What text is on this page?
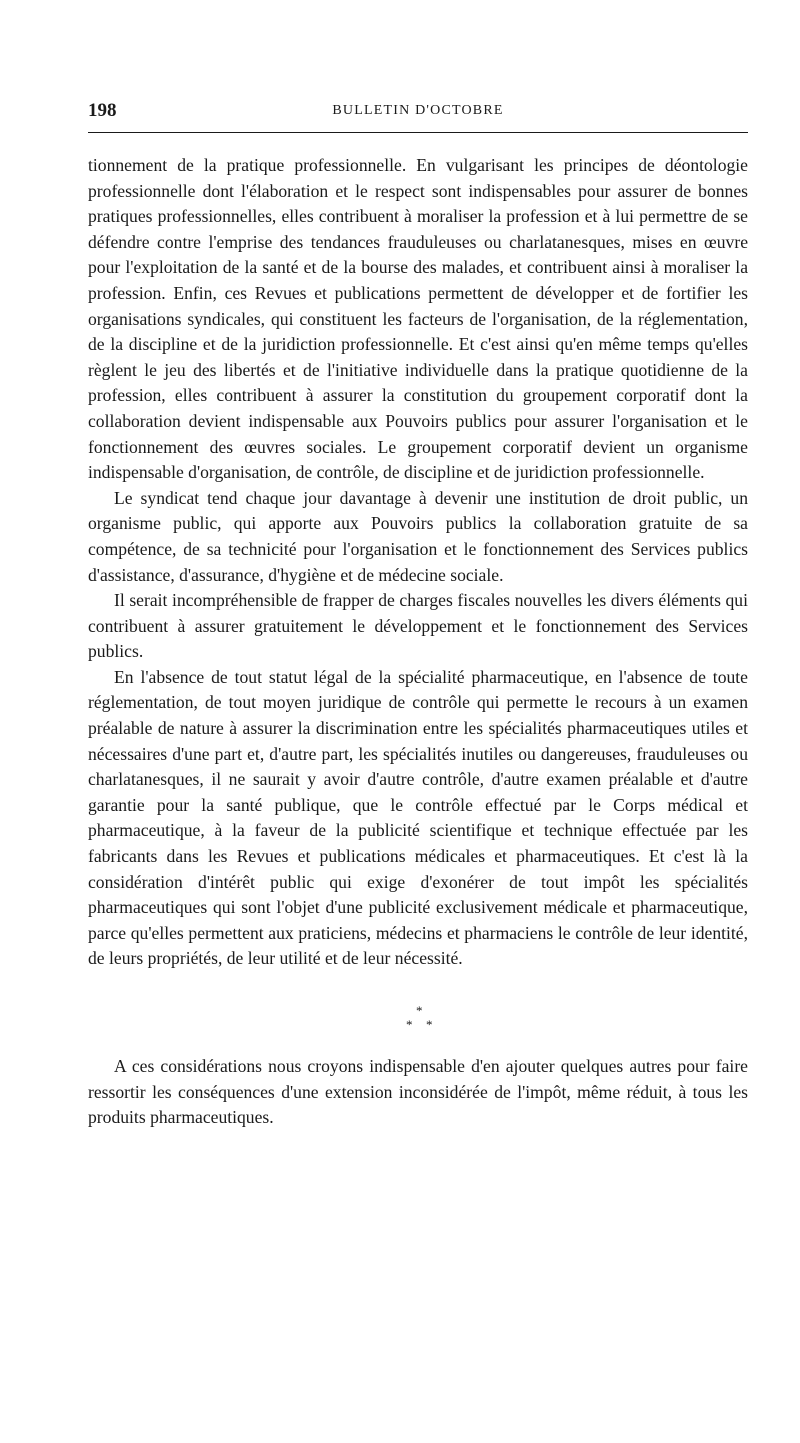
198	BULLETIN D'OCTOBRE

tionnement de la pratique professionnelle. En vulgarisant les principes de déontologie professionnelle dont l'élaboration et le respect sont indispensables pour assurer de bonnes pratiques professionnelles, elles contribuent à moraliser la profession et à lui permettre de se défendre contre l'emprise des tendances frauduleuses ou charlatanesques, mises en œuvre pour l'exploitation de la santé et de la bourse des malades, et contribuent ainsi à moraliser la profession. Enfin, ces Revues et publications permettent de développer et de fortifier les organisations syndicales, qui constituent les facteurs de l'organisation, de la réglementation, de la discipline et de la juridiction professionnelle. Et c'est ainsi qu'en même temps qu'elles règlent le jeu des libertés et de l'initiative individuelle dans la pratique quotidienne de la profession, elles contribuent à assurer la constitution du groupement corporatif dont la collaboration devient indispensable aux Pouvoirs publics pour assurer l'organisation et le fonctionnement des œuvres sociales. Le groupement corporatif devient un organisme indispensable d'organisation, de contrôle, de discipline et de juridiction professionnelle.

Le syndicat tend chaque jour davantage à devenir une institution de droit public, un organisme public, qui apporte aux Pouvoirs publics la collaboration gratuite de sa compétence, de sa technicité pour l'organisation et le fonctionnement des Services publics d'assistance, d'assurance, d'hygiène et de médecine sociale.

Il serait incompréhensible de frapper de charges fiscales nouvelles les divers éléments qui contribuent à assurer gratuitement le développement et le fonctionnement des Services publics.

En l'absence de tout statut légal de la spécialité pharmaceutique, en l'absence de toute réglementation, de tout moyen juridique de contrôle qui permette le recours à un examen préalable de nature à assurer la discrimination entre les spécialités pharmaceutiques utiles et nécessaires d'une part et, d'autre part, les spécialités inutiles ou dangereuses, frauduleuses ou charlatanesques, il ne saurait y avoir d'autre contrôle, d'autre examen préalable et d'autre garantie pour la santé publique, que le contrôle effectué par le Corps médical et pharmaceutique, à la faveur de la publicité scientifique et technique effectuée par les fabricants dans les Revues et publications médicales et pharmaceutiques. Et c'est là la considération d'intérêt public qui exige d'exonérer de tout impôt les spécialités pharmaceutiques qui sont l'objet d'une publicité exclusivement médicale et pharmaceutique, parce qu'elles permettent aux praticiens, médecins et pharmaciens le contrôle de leur identité, de leurs propriétés, de leur utilité et de leur nécessité.

*
* *

A ces considérations nous croyons indispensable d'en ajouter quelques autres pour faire ressortir les conséquences d'une extension inconsidérée de l'impôt, même réduit, à tous les produits pharmaceutiques.
